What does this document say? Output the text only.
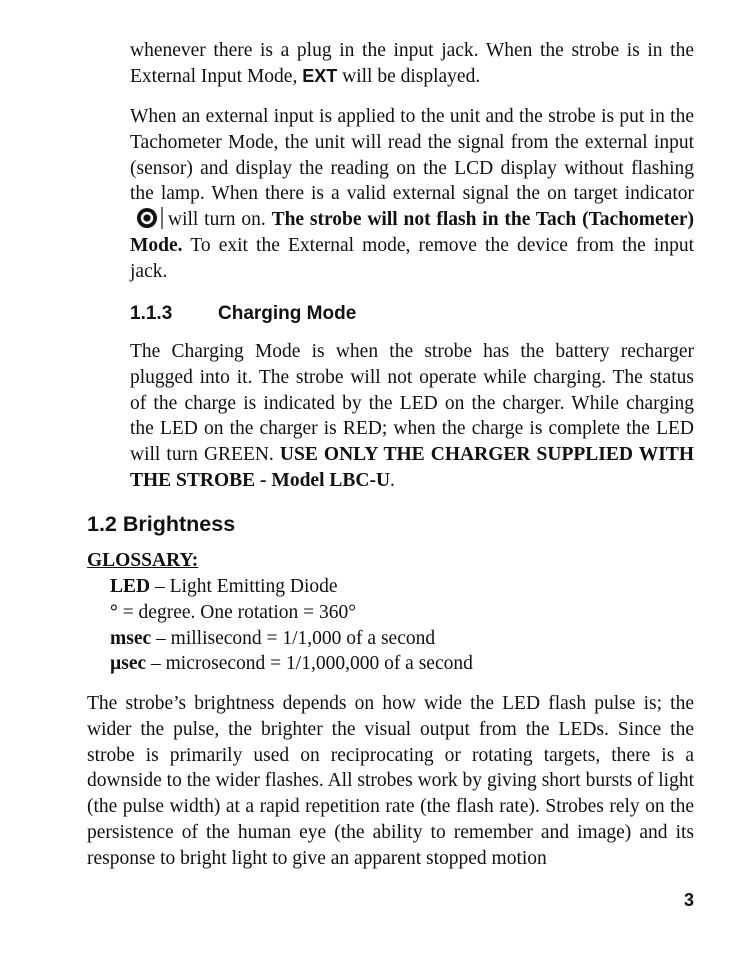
whenever there is a plug in the input jack. When the strobe is in the External Input Mode, EXT will be displayed.

When an external input is applied to the unit and the strobe is put in the Tachometer Mode, the unit will read the signal from the external input (sensor) and display the reading on the LCD display without flashing the lamp. When there is a valid external signal the on target indicatorwill turn on. The strobe will not flash in the Tach (Tachometer) Mode. To exit the External mode, remove the device from the input jack.

1.1.3 Charging Mode

The Charging Mode is when the strobe has the battery recharger plugged into it. The strobe will not operate while charging. The status of the charge is indicated by the LED on the charger. While charging the LED on the charger is RED; when the charge is complete the LED will turn GREEN. USE ONLY THE CHARGER SUPPLIED WITH THE STROBE - Model LBC-U.

1.2 Brightness
GLOSSARY:
LED – Light Emitting Diode
° = degree. One rotation = 360°
msec – millisecond = 1/1,000 of a second
µsec – microsecond = 1/1,000,000 of a second

The strobe’s brightness depends on how wide the LED flash pulse is; the wider the pulse, the brighter the visual output from the LEDs. Since the strobe is primarily used on reciprocating or rotating targets, there is a downside to the wider flashes. All strobes work by giving short bursts of light (the pulse width) at a rapid repetition rate (the flash rate). Strobes rely on the persistence of the human eye (the ability to remember and image) and its response to bright light to give an apparent stopped motion

3
